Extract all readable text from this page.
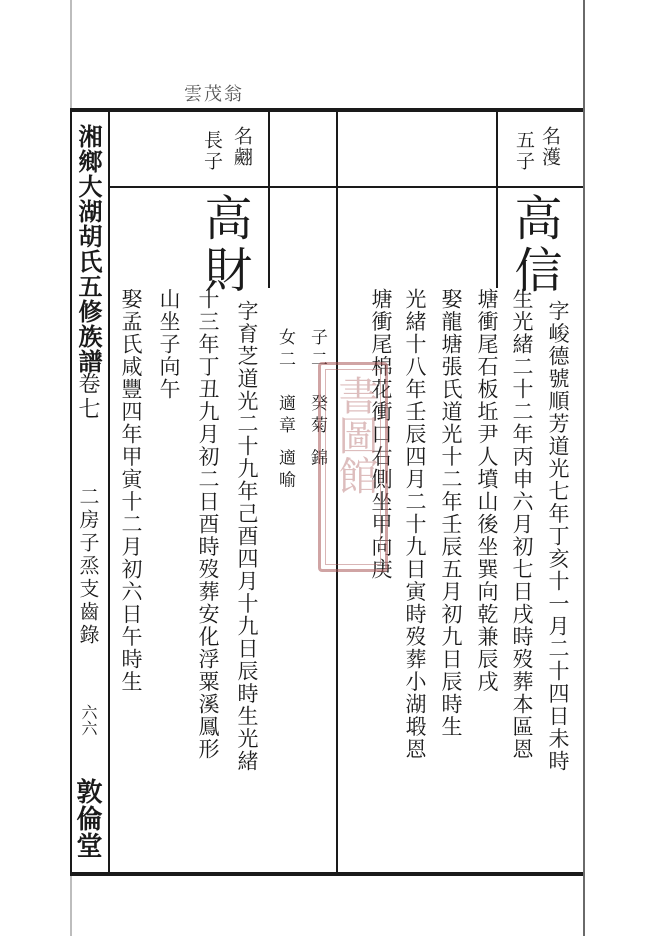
雲茂翁
湘鄉大湖胡氏五修族譜
卷七
二房子烝支齒錄
六六
敦倫堂
名濩
五子
高信
字峻德號順芳道光七年丁亥十一月二十四日未時
生光緒二十二年丙申六月初七日戌時歿葬本區恩
塘衝尾石板坵尹人墳山後坐巽向乾兼辰戌
娶龍塘張氏道光十二年壬辰五月初九日辰時生
光緒十八年壬辰四月二十九日寅時歿葬小湖塅恩
塘衝尾棉花衝口右側坐甲向庚
子二
癸菊 錦
女二
適章 適喻
名翽
長子
高財
字育芝道光二十九年己酉四月十九日辰時生光緒
十三年丁丑九月初二日酉時歿葬安化浮粟溪鳳形
山坐子向午
娶孟氏咸豐四年甲寅十二月初六日午時生	書圖館
